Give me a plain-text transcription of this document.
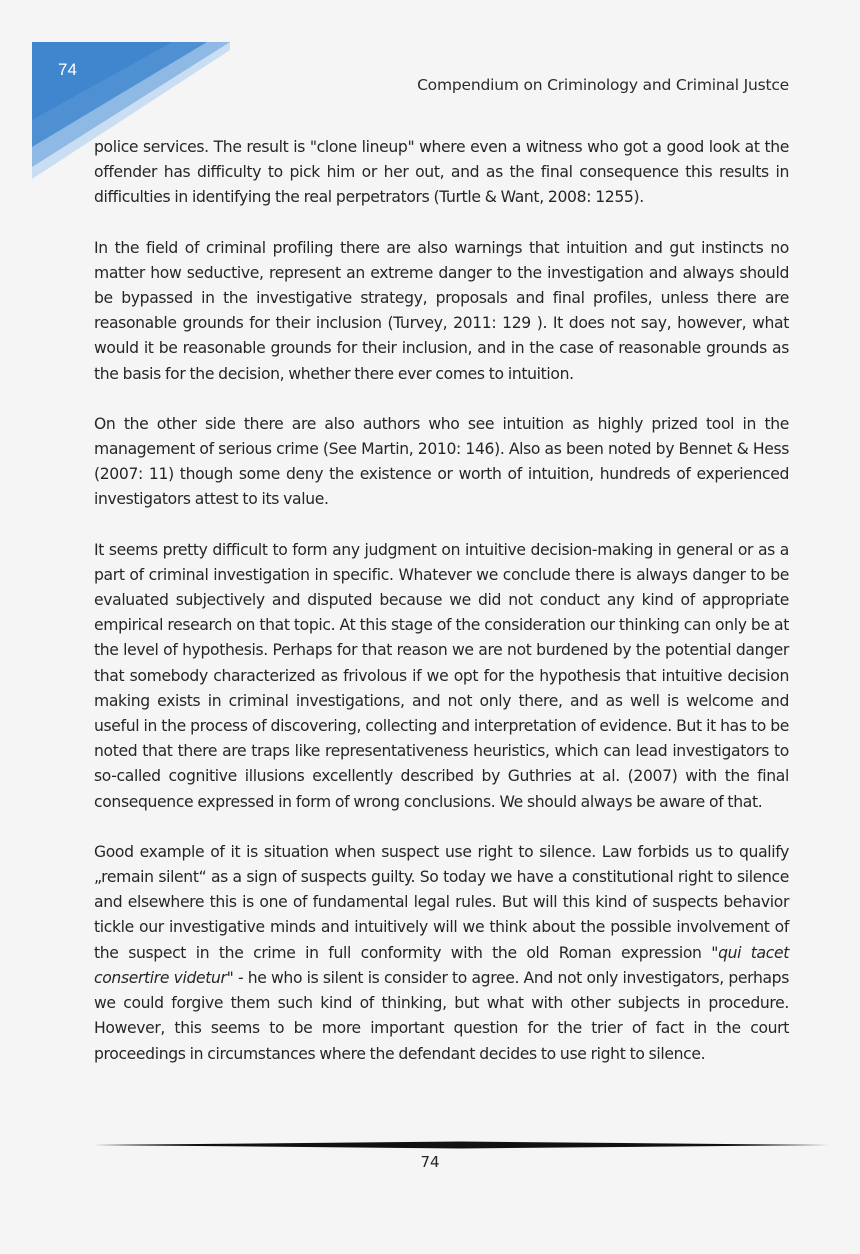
74
Compendium on Criminology and Criminal Justce

police services. The result is "clone lineup" where even a witness who got a good look at the offender has difficulty to pick him or her out, and as the final consequence this results in difficulties in identifying the real perpetrators (Turtle & Want, 2008: 1255).

In the field of criminal profiling there are also warnings that intuition and gut instincts no matter how seductive, represent an extreme danger to the investigation and always should be bypassed in the investigative strategy, proposals and final profiles, unless there are reasonable grounds for their inclusion (Turvey, 2011: 129 ). It does not say, however, what would it be reasonable grounds for their inclusion, and in the case of reasonable grounds as the basis for the decision, whether there ever comes to intuition.

On the other side there are also authors who see intuition as highly prized tool in the management of serious crime (See Martin, 2010: 146). Also as been noted by Bennet & Hess (2007: 11) though some deny the existence or worth of intuition, hundreds of experienced investigators attest to its value.

It seems pretty difficult to form any judgment on intuitive decision-making in general or as a part of criminal investigation in specific. Whatever we conclude there is always danger to be evaluated subjectively and disputed because we did not conduct any kind of appropriate empirical research on that topic. At this stage of the consideration our thinking can only be at the level of hypothesis. Perhaps for that reason we are not burdened by the potential danger that somebody characterized as frivolous if we opt for the hypothesis that intuitive decision making exists in criminal investigations, and not only there, and as well is welcome and useful in the process of discovering, collecting and interpretation of evidence. But it has to be noted that there are traps like representativeness heuristics, which can lead investigators to so-called cognitive illusions excellently described by Guthries at al. (2007) with the final consequence expressed in form of wrong conclusions. We should always be aware of that.

Good example of it is situation when suspect use right to silence. Law forbids us to qualify „remain silent“ as a sign of suspects guilty. So today we have a constitutional right to silence and elsewhere this is one of fundamental legal rules. But will this kind of suspects behavior tickle our investigative minds and intuitively will we think about the possible involvement of the suspect in the crime in full conformity with the old Roman expression "qui tacet consertire videtur" - he who is silent is consider to agree. And not only investigators, perhaps we could forgive them such kind of thinking, but what with other subjects in procedure. However, this seems to be more important question for the trier of fact in the court proceedings in circumstances where the defendant decides to use right to silence.

74
